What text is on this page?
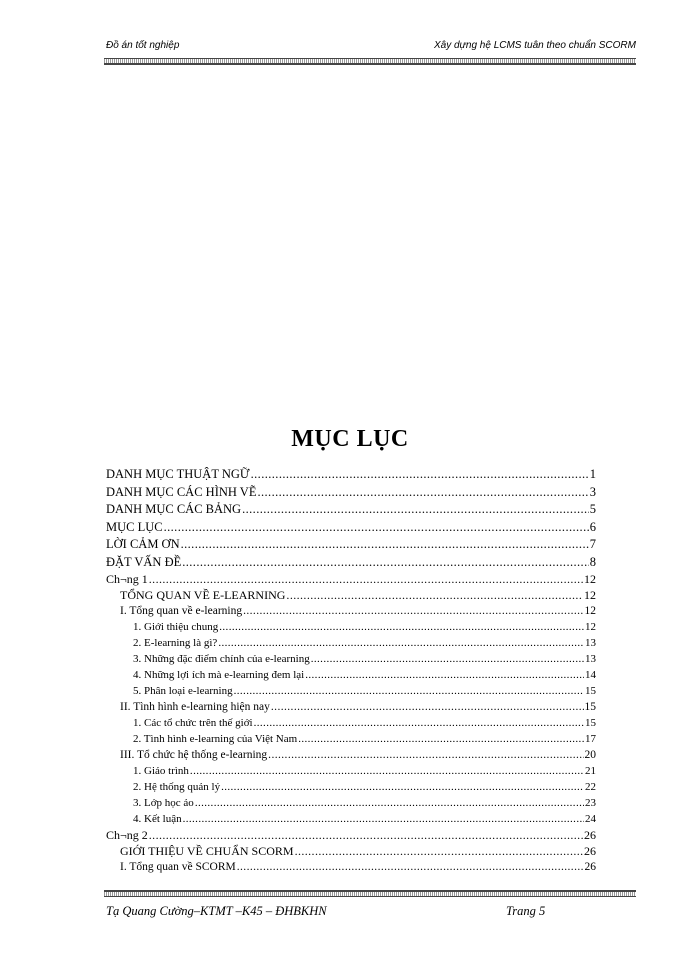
Đồ án tốt nghiệp	Xây dựng hệ LCMS tuân theo chuẩn SCORM
MỤC LỤC
DANH MỤC THUẬT NGỮ .....	1
DANH MỤC CÁC HÌNH VẼ .....	3
DANH MỤC CÁC BẢNG .....	5
MỤC LỤC .....	6
LỜI CẢM ƠN .....	7
ĐẶT VẤN ĐỀ .....	8
Ch¬ng 1 .....	12
TỔNG QUAN VỀ E-LEARNING .....	12
I. Tổng quan về e-learning .....	12
1. Giới thiệu chung .....	12
2. E-learning là gì? .....	13
3. Những đặc điểm chính của e-learning .....	13
4. Những lợi ích mà e-learning đem lại .....	14
5. Phân loại e-learning .....	15
II. Tình hình e-learning hiện nay .....	15
1. Các tổ chức trên thế giới .....	15
2. Tình hình e-learning của Việt Nam .....	17
III. Tổ chức hệ thống e-learning .....	20
1. Giáo trình .....	21
2. Hệ thống quản lý .....	22
3. Lớp học ảo .....	23
4. Kết luận .....	24
Ch¬ng 2 .....	26
GIỚI THIỆU VỀ CHUẨN SCORM .....	26
I. Tổng quan về SCORM .....	26
Tạ Quang Cường–KTMT –K45 – ĐHBKHN	Trang 5
